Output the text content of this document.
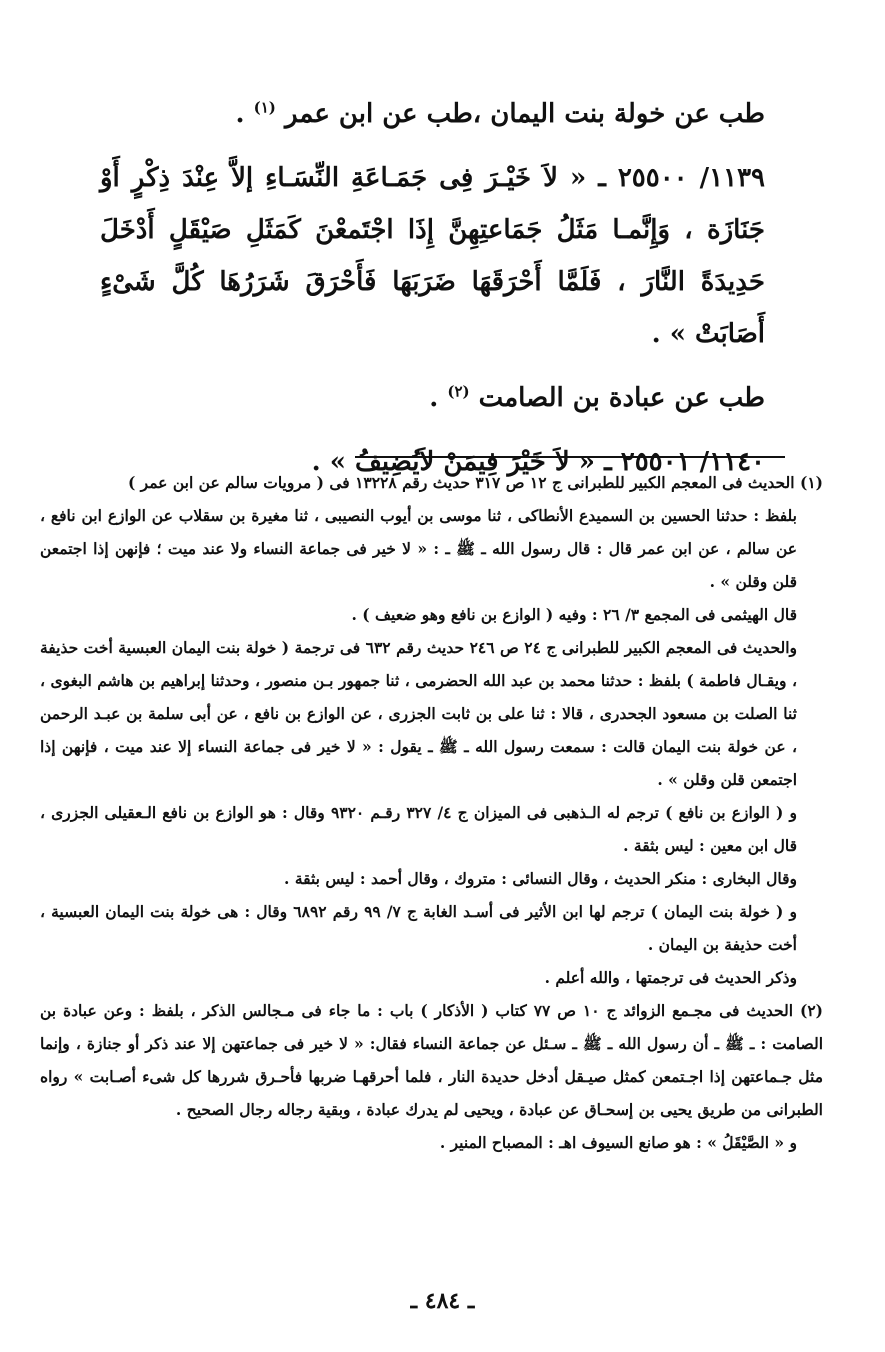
طب عن خولة بنت اليمان ،طب عن ابن عمر $^{(١)}$ .

١١٣٩/ ٢٥٥٠٠ ـ « لاَ خَيْـرَ فِى جَمَـاعَةِ النِّسَـاءِ إلاَّ عِنْدَ ذِكْرٍ أَوْ جَنَازَة ، وَإِنَّمـا مَثَلُ جَمَاعتِهِنَّ إِذَا اجْتَمعْنَ كَمَثَلِ صَيْقَلٍ أَدْخَلَ حَدِيدَةً النَّارَ ، فَلَمَّا أَحْرَقَهَا ضَرَبَهَا فَأَحْرَقَ شَرَرُهَا كُلَّ شَىْءٍ أَصَابَتْ » .

طب عن عبادة بن الصامت $^{(٢)}$ .

١١٤٠/ ٢٥٥٠١ ـ « لاَ خَيْرَ فِيمَنْ لاَيُضِيفُ » .

(١) الحديث فى المعجم الكبير للطبرانى ج ١٢ ص ٣١٧ حديث رقم ١٣٢٢٨ فى ( مرويات سالم عن ابن عمر )

بلفظ : حدثنا الحسين بن السميدع الأنطاكى ، ثنا موسى بن أيوب النصيبى ، ثنا مغيرة بن سقلاب عن الوازع ابن نافع ، عن سالم ، عن ابن عمر قال : قال رسول الله ـ ﷺ ـ : « لا خير فى جماعة النساء ولا عند ميت ؛ فإنهن إذا اجتمعن قلن وقلن » .

قال الهيثمى فى المجمع ٣/ ٢٦ : وفيه ( الوازع بن نافع وهو ضعيف ) .

والحديث فى المعجم الكبير للطبرانى ج ٢٤ ص ٢٤٦ حديث رقم ٦٣٢ فى ترجمة ( خولة بنت اليمان العبسية أخت حذيفة ، ويقـال فاطمة ) بلفظ : حدثنا محمد بن عبد الله الحضرمى ، ثنا جمهور بـن منصور ، وحدثنا إبراهيم بن هاشم البغوى ، ثنا الصلت بن مسعود الجحدرى ، قالا : ثنا على بن ثابت الجزرى ، عن الوازع بن نافع ، عن أبى سلمة بن عبـد الرحمن ، عن خولة بنت اليمان قالت : سمعت رسول الله ـ ﷺ ـ يقول : « لا خير فى جماعة النساء إلا عند ميت ، فإنهن إذا اجتمعن قلن وقلن » .

و ( الوازع بن نافع ) ترجم له الـذهبى فى الميزان ج ٤/ ٣٢٧ رقـم ٩٣٢٠ وقال : هو الوازع بن نافع الـعقيلى الجزرى ، قال ابن معين : ليس بثقة .

وقال البخارى : منكر الحديث ، وقال النسائى : متروك ، وقال أحمد : ليس بثقة .

و ( خولة بنت اليمان ) ترجم لها ابن الأثير فى أسـد الغابة ج ٧/ ٩٩ رقم ٦٨٩٢ وقال : هى خولة بنت اليمان العبسية ، أخت حذيفة بن اليمان .

وذكر الحديث فى ترجمتها ، والله أعلم .

(٢) الحديث فى مجـمع الزوائد ج ١٠ ص ٧٧ كتاب ( الأذكار ) باب : ما جاء فى مـجالس الذكر ، بلفظ : وعن عبادة بن الصامت : ـ ﷺ ـ أن رسول الله ـ ﷺ ـ سـئل عن جماعة النساء فقال: « لا خير فى جماعتهن إلا عند ذكر أو جنازة ، وإنما مثل جـماعتهن إذا اجـتمعن كمثل صيـقل أدخل حديدة النار ، فلما أحرقهـا ضربها فأحـرق شررها كل شىء أصـابت » رواه الطبرانى من طريق يحيى بن إسحـاق عن عبادة ، ويحيى لم يدرك عبادة ، وبقية رجاله رجال الصحيح .

و « الصَّيْقَلُ » : هو صانع السيوف اهـ : المصباح المنير .

ـ ٤٨٤ ـ
